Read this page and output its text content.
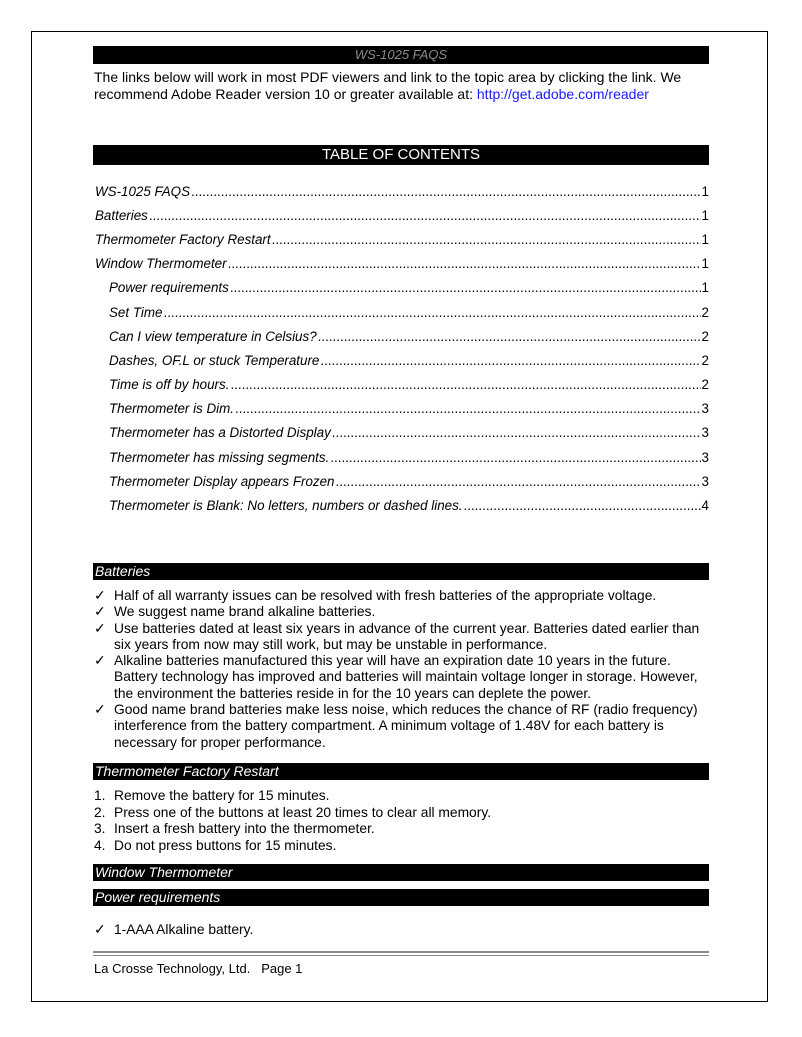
WS-1025 FAQS
The links below will work in most PDF viewers and link to the topic area by clicking the link. We recommend Adobe Reader version 10 or greater available at: http://get.adobe.com/reader
TABLE OF CONTENTS
WS-1025 FAQS .....	1
Batteries .....	1
Thermometer Factory Restart .....	1
Window Thermometer .....	1
Power requirements .....	1
Set Time .....	2
Can I view temperature in Celsius? .....	2
Dashes, OF.L or stuck Temperature .....	2
Time is off by hours. .....	2
Thermometer is Dim. .....	3
Thermometer has a Distorted Display .....	3
Thermometer has missing segments. .....	3
Thermometer Display appears Frozen .....	3
Thermometer is Blank: No letters, numbers or dashed lines. .....	4
Batteries
✓ Half of all warranty issues can be resolved with fresh batteries of the appropriate voltage.
✓ We suggest name brand alkaline batteries.
✓ Use batteries dated at least six years in advance of the current year. Batteries dated earlier than six years from now may still work, but may be unstable in performance.
✓ Alkaline batteries manufactured this year will have an expiration date 10 years in the future. Battery technology has improved and batteries will maintain voltage longer in storage. However, the environment the batteries reside in for the 10 years can deplete the power.
✓ Good name brand batteries make less noise, which reduces the chance of RF (radio frequency) interference from the battery compartment. A minimum voltage of 1.48V for each battery is necessary for proper performance.
Thermometer Factory Restart
1. Remove the battery for 15 minutes.
2. Press one of the buttons at least 20 times to clear all memory.
3. Insert a fresh battery into the thermometer.
4. Do not press buttons for 15 minutes.
Window Thermometer
Power requirements
✓ 1-AAA Alkaline battery.
La Crosse Technology, Ltd. Page 1
